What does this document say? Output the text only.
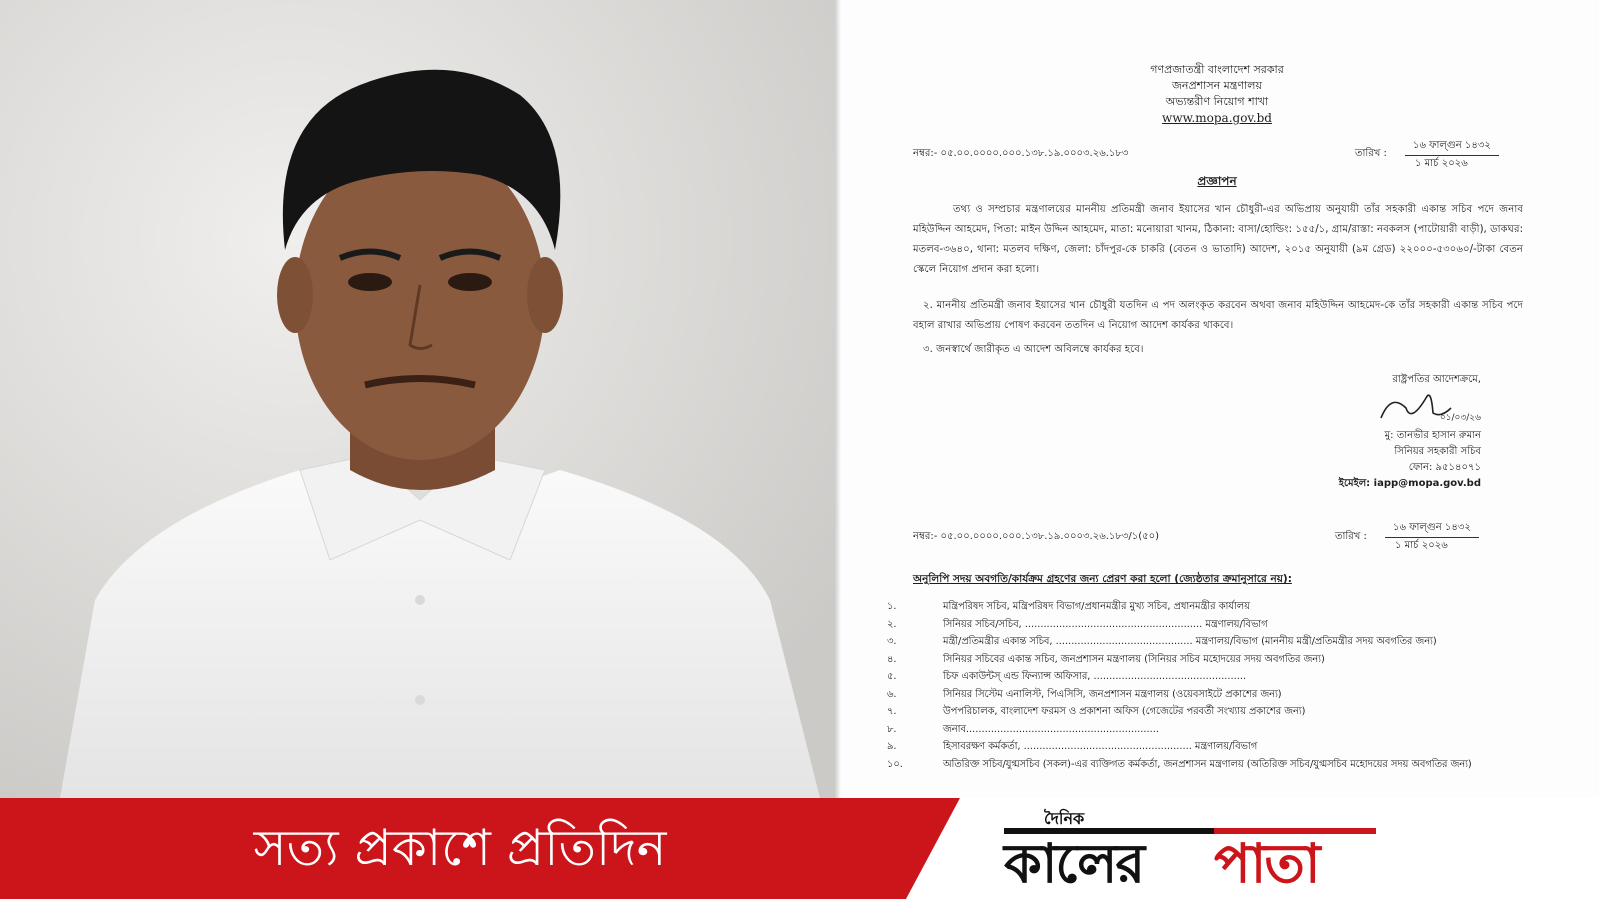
গণপ্রজাতন্ত্রী বাংলাদেশ সরকার
জনপ্রশাসন মন্ত্রণালয়
অভ্যন্তরীণ নিয়োগ শাখা
www.mopa.gov.bd
নম্বর:- ০৫.০০.০০০০.০০০.১৩৮.১৯.০০০৩.২৬.১৮৩	তারিখ :
১৬ ফাল্গুন ১৪৩২
১ মার্চ ২০২৬
প্রজ্ঞাপন
তথ্য ও সম্প্রচার মন্ত্রণালয়ের মাননীয় প্রতিমন্ত্রী জনাব ইয়াসের খান চৌধুরী-এর অভিপ্রায় অনুযায়ী তাঁর সহকারী একান্ত সচিব পদে জনাব মহিউদ্দিন আহমেদ, পিতা: মাইন উদ্দিন আহমেদ, মাতা: মনোয়ারা খানম, ঠিকানা: বাসা/হোল্ডিং: ১৫৫/১, গ্রাম/রাস্তা: নবকলস (পাটোয়ারী বাড়ী), ডাকঘর: মতলব-৩৬৪০, থানা: মতলব দক্ষিণ, জেলা: চাঁদপুর-কে চাকরি (বেতন ও ভাতাদি) আদেশ, ২০১৫ অনুযায়ী (৯ম গ্রেড) ২২০০০-৫৩০৬০/-টাকা বেতন স্কেলে নিয়োগ প্রদান করা হলো।
২. মাননীয় প্রতিমন্ত্রী জনাব ইয়াসের খান চৌধুরী যতদিন এ পদ অলংকৃত করবেন অথবা জনাব মহিউদ্দিন আহমেদ-কে তাঁর সহকারী একান্ত সচিব পদে বহাল রাখার অভিপ্রায় পোষণ করবেন ততদিন এ নিয়োগ আদেশ কার্যকর থাকবে।
৩. জনস্বার্থে জারীকৃত এ আদেশ অবিলম্বে কার্যকর হবে।
রাষ্ট্রপতির আদেশক্রমে,
০১/০৩/২৬
মু: তানভীর হাসান রুমান
সিনিয়র সহকারী সচিব
ফোন: ৯৫১৪০৭১
ইমেইল: iapp@mopa.gov.bd
নম্বর:- ০৫.০০.০০০০.০০০.১৩৮.১৯.০০০৩.২৬.১৮৩/১(৫০)	তারিখ :
১৬ ফাল্গুন ১৪৩২
১ মার্চ ২০২৬
অনুলিপি সদয় অবগতি/কার্যক্রম গ্রহণের জন্য প্রেরণ করা হলো (জ্যেষ্ঠতার ক্রমানুসারে নয়):
১.	মন্ত্রিপরিষদ সচিব, মন্ত্রিপরিষদ বিভাগ/প্রধানমন্ত্রীর মুখ্য সচিব, প্রধানমন্ত্রীর কার্যালয়
২.	সিনিয়র সচিব/সচিব, ......................................................... মন্ত্রণালয়/বিভাগ
৩.	মন্ত্রী/প্রতিমন্ত্রীর একান্ত সচিব, ............................................ মন্ত্রণালয়/বিভাগ (মাননীয় মন্ত্রী/প্রতিমন্ত্রীর সদয় অবগতির জন্য)
৪.	সিনিয়র সচিবের একান্ত সচিব, জনপ্রশাসন মন্ত্রণালয় (সিনিয়র সচিব মহোদয়ের সদয় অবগতির জন্য)
৫.	চিফ একাউন্টস্ এন্ড ফিন্যান্স অফিসার, .................................................
৬.	সিনিয়র সিস্টেম এনালিস্ট, পিএসিসি, জনপ্রশাসন মন্ত্রণালয় (ওয়েবসাইটে প্রকাশের জন্য)
৭.	উপপরিচালক, বাংলাদেশ ফরমস ও প্রকাশনা অফিস (গেজেটের পরবর্তী সংখ্যায় প্রকাশের জন্য)
৮.	জনাব..............................................................
৯.	হিসাবরক্ষণ কর্মকর্তা, ...................................................... মন্ত্রণালয়/বিভাগ
১০.	অতিরিক্ত সচিব/যুগ্মসচিব (সকল)-এর ব্যক্তিগত কর্মকর্তা, জনপ্রশাসন মন্ত্রণালয় (অতিরিক্ত সচিব/যুগ্মসচিব মহোদয়ের সদয় অবগতির জন্য)
সত্য প্রকাশে প্রতিদিন
দৈনিক
কালের পাতা
